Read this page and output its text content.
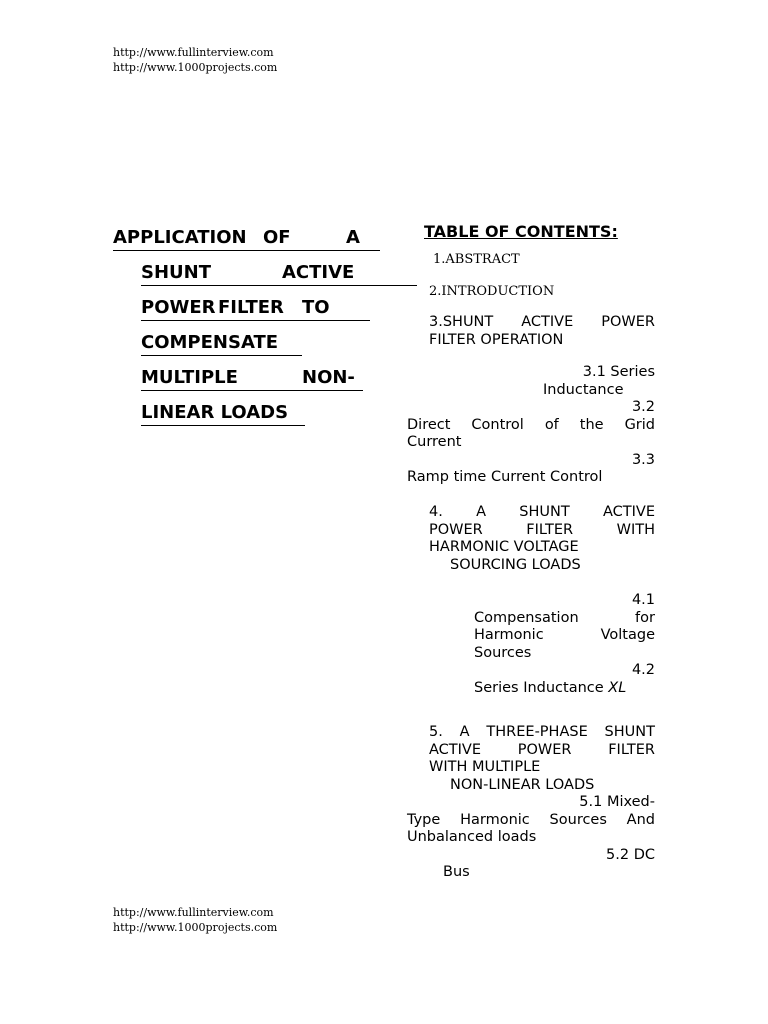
http://www.fullinterview.com
http://www.1000projects.com
APPLICATION OF	A
SHUNT	ACTIVE
POWER FILTER TO
COMPENSATE
MULTIPLE	NON-
LINEAR LOADS
TABLE OF CONTENTS:
1.ABSTRACT
2.INTRODUCTION
3.SHUNT ACTIVE POWER
FILTER OPERATION
3.1 Series
Inductance
3.2
Direct Control of the Grid
Current
3.3
Ramp time Current Control
4. A SHUNT ACTIVE
POWER FILTER WITH
HARMONIC VOLTAGE
SOURCING LOADS
4.1
Compensation for
Harmonic Voltage
Sources
4.2
Series Inductance XL
5. A THREE-PHASE SHUNT
ACTIVE POWER FILTER
WITH MULTIPLE
NON-LINEAR LOADS
5.1 Mixed-
Type Harmonic Sources And
Unbalanced loads
5.2 DC
Bus
http://www.fullinterview.com
http://www.1000projects.com
